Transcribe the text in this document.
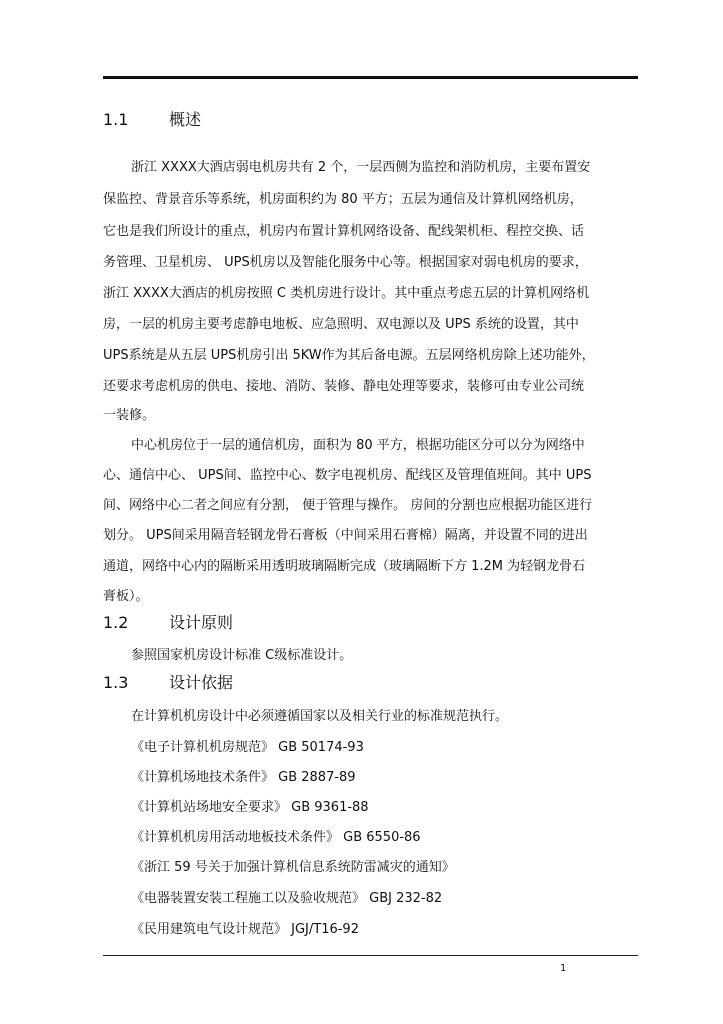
1.1	概述
浙江 XXXX大酒店弱电机房共有 2 个，一层西侧为监控和消防机房，主要布置安
保监控、背景音乐等系统，机房面积约为 80 平方；五层为通信及计算机网络机房，
它也是我们所设计的重点，机房内布置计算机网络设备、配线架机柜、程控交换、话
务管理、卫星机房、 UPS机房以及智能化服务中心等。根据国家对弱电机房的要求，
浙江 XXXX大酒店的机房按照 C 类机房进行设计。其中重点考虑五层的计算机网络机
房，一层的机房主要考虑静电地板、应急照明、双电源以及 UPS 系统的设置，其中
UPS系统是从五层 UPS机房引出 5KW作为其后备电源。五层网络机房除上述功能外，
还要求考虑机房的供电、接地、消防、装修、静电处理等要求，装修可由专业公司统
一装修。
中心机房位于一层的通信机房，面积为 80 平方，根据功能区分可以分为网络中
心、通信中心、 UPS间、监控中心、数字电视机房、配线区及管理值班间。其中 UPS
间、网络中心二者之间应有分割， 便于管理与操作。 房间的分割也应根据功能区进行
划分。 UPS间采用隔音轻钢龙骨石膏板（中间采用石膏棉）隔离，并设置不同的进出
通道，网络中心内的隔断采用透明玻璃隔断完成（玻璃隔断下方 1.2M 为轻钢龙骨石
膏板）。
1.2	设计原则
参照国家机房设计标准 C级标准设计。
1.3	设计依据
在计算机机房设计中必须遵循国家以及相关行业的标准规范执行。
《电子计算机机房规范》 GB 50174-93
《计算机场地技术条件》 GB 2887-89
《计算机站场地安全要求》 GB 9361-88
《计算机机房用活动地板技术条件》 GB 6550-86
《浙江 59 号关于加强计算机信息系统防雷减灾的通知》
《电器装置安装工程施工以及验收规范》 GBJ 232-82
《民用建筑电气设计规范》 JGJ/T16-92
1
